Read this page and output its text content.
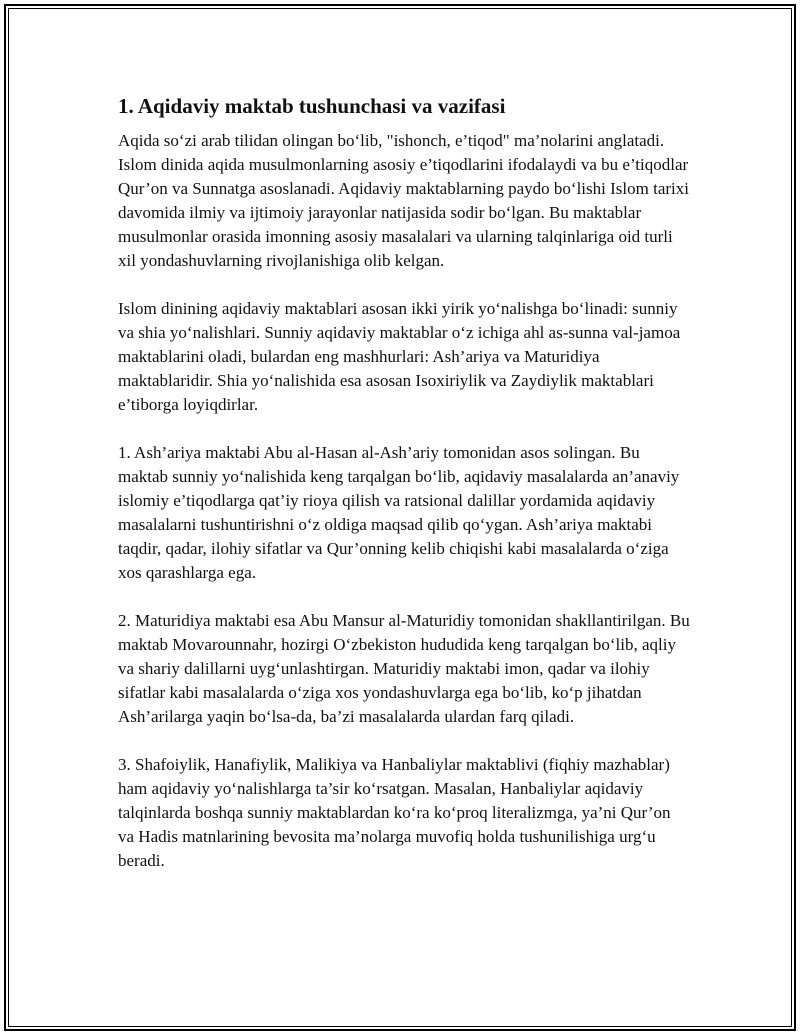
1. Aqidaviy maktab tushunchasi va vazifasi

Aqida so‘zi arab tilidan olingan bo‘lib, "ishonch, e’tiqod" ma’nolarini anglatadi. Islom dinida aqida musulmonlarning asosiy e’tiqodlarini ifodalaydi va bu e’tiqodlar Qur’on va Sunnatga asoslanadi. Aqidaviy maktablarning paydo bo‘lishi Islom tarixi davomida ilmiy va ijtimoiy jarayonlar natijasida sodir bo‘lgan. Bu maktablar musulmonlar orasida imonning asosiy masalalari va ularning talqinlariga oid turli xil yondashuvlarning rivojlanishiga olib kelgan.

Islom dinining aqidaviy maktablari asosan ikki yirik yo‘nalishga bo‘linadi: sunniy va shia yo‘nalishlari. Sunniy aqidaviy maktablar o‘z ichiga ahl as-sunna val-jamoa maktablarini oladi, bulardan eng mashhurlari: Ash’ariya va Maturidiya maktablaridir. Shia yo‘nalishida esa asosan Isoxiriylik va Zaydiylik maktablari e’tiborga loyiqdirlar.

1. Ash’ariya maktabi Abu al-Hasan al-Ash’ariy tomonidan asos solingan. Bu maktab sunniy yo‘nalishida keng tarqalgan bo‘lib, aqidaviy masalalarda an’anaviy islomiy e’tiqodlarga qat’iy rioya qilish va ratsional dalillar yordamida aqidaviy masalalarni tushuntirishni o‘z oldiga maqsad qilib qo‘ygan. Ash’ariya maktabi taqdir, qadar, ilohiy sifatlar va Qur’onning kelib chiqishi kabi masalalarda o‘ziga xos qarashlarga ega.

2. Maturidiya maktabi esa Abu Mansur al-Maturidiy tomonidan shakllantirilgan. Bu maktab Movarounnahr, hozirgi O‘zbekiston hududida keng tarqalgan bo‘lib, aqliy va shariy dalillarni uyg‘unlashtirgan. Maturidiy maktabi imon, qadar va ilohiy sifatlar kabi masalalarda o‘ziga xos yondashuvlarga ega bo‘lib, ko‘p jihatdan Ash’arilarga yaqin bo‘lsa-da, ba’zi masalalarda ulardan farq qiladi.

3. Shafoiylik, Hanafiylik, Malikiya va Hanbaliylar maktablivi (fiqhiy mazhablar) ham aqidaviy yo‘nalishlarga ta’sir ko‘rsatgan. Masalan, Hanbaliylar aqidaviy talqinlarda boshqa sunniy maktablardan ko‘ra ko‘proq literalizmga, ya’ni Qur’on va Hadis matnlarining bevosita ma’nolarga muvofiq holda tushunilishiga urg‘u beradi.
